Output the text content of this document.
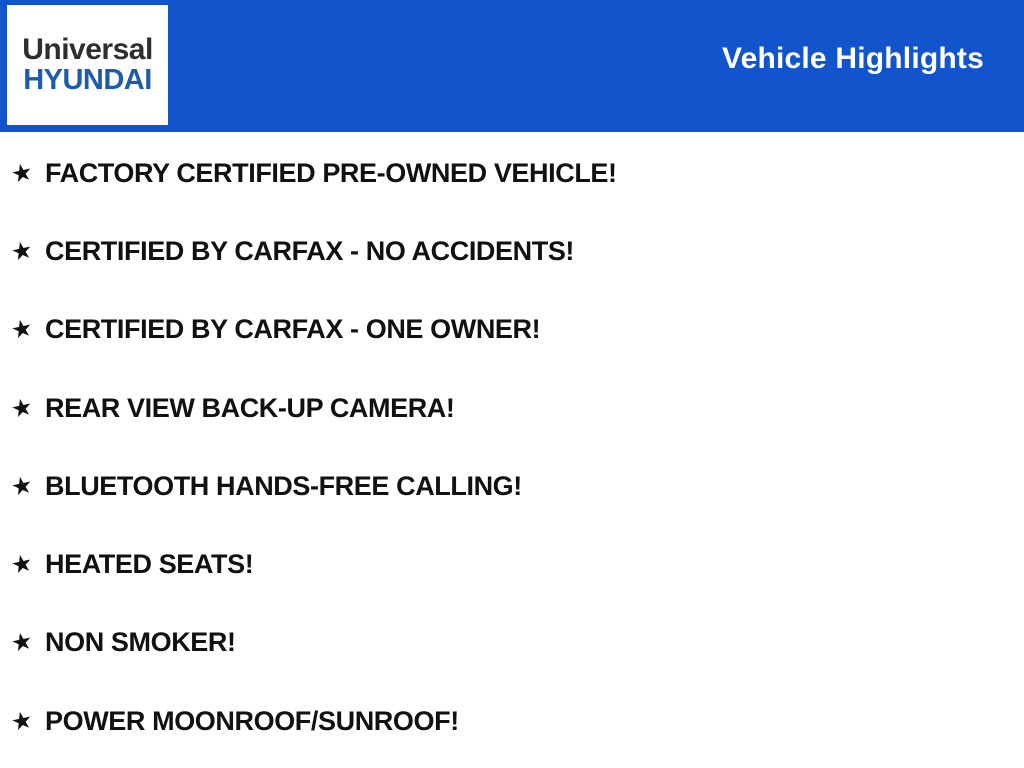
Universal
HYUNDAI
Vehicle Highlights
★ FACTORY CERTIFIED PRE-OWNED VEHICLE!
★ CERTIFIED BY CARFAX - NO ACCIDENTS!
★ CERTIFIED BY CARFAX - ONE OWNER!
★ REAR VIEW BACK-UP CAMERA!
★ BLUETOOTH HANDS-FREE CALLING!
★ HEATED SEATS!
★ NON SMOKER!
★ POWER MOONROOF/SUNROOF!
